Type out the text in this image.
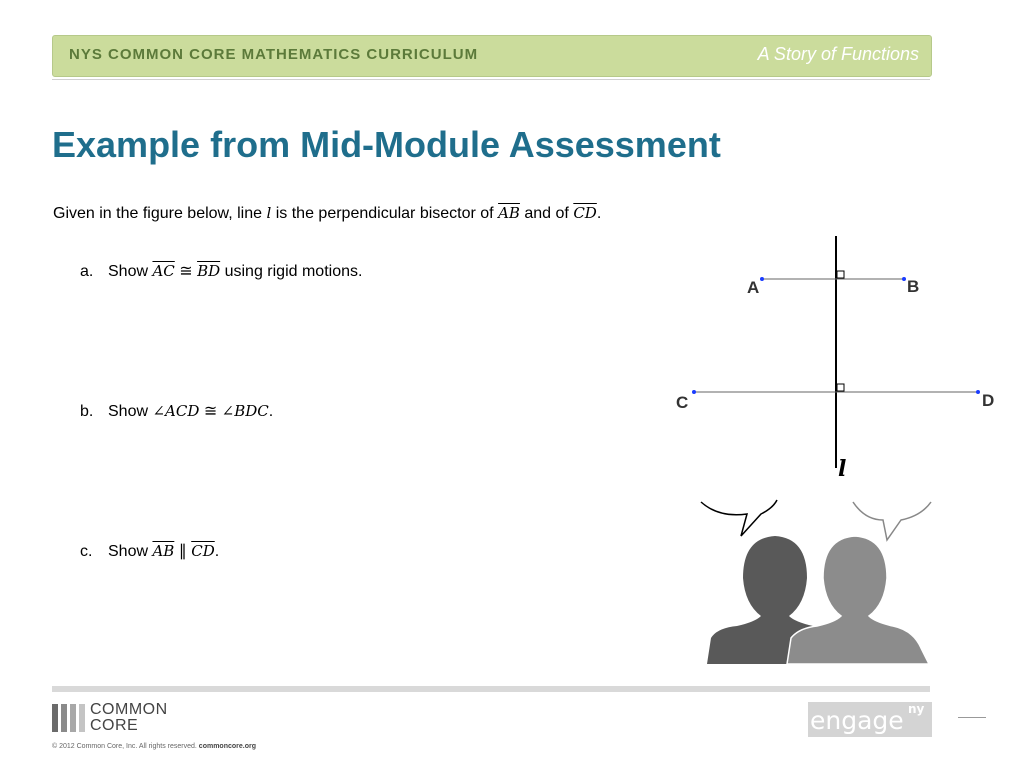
NYS COMMON CORE MATHEMATICS CURRICULUM	A Story of Functions
Example from Mid-Module Assessment
Given in the figure below, line l is the perpendicular bisector of $\overline{AB}$ and of $\overline{CD}$.
a. Show $\overline{AC}$ ≅ $\overline{BD}$ using rigid motions.
b. Show ∠ACD ≅ ∠BDC.
c. Show $\overline{AB}$ ∥ $\overline{CD}$.
A	B
C	D
l
COMMON
CORE
© 2012 Common Core, Inc. All rights reserved. commoncore.org
engage ny
